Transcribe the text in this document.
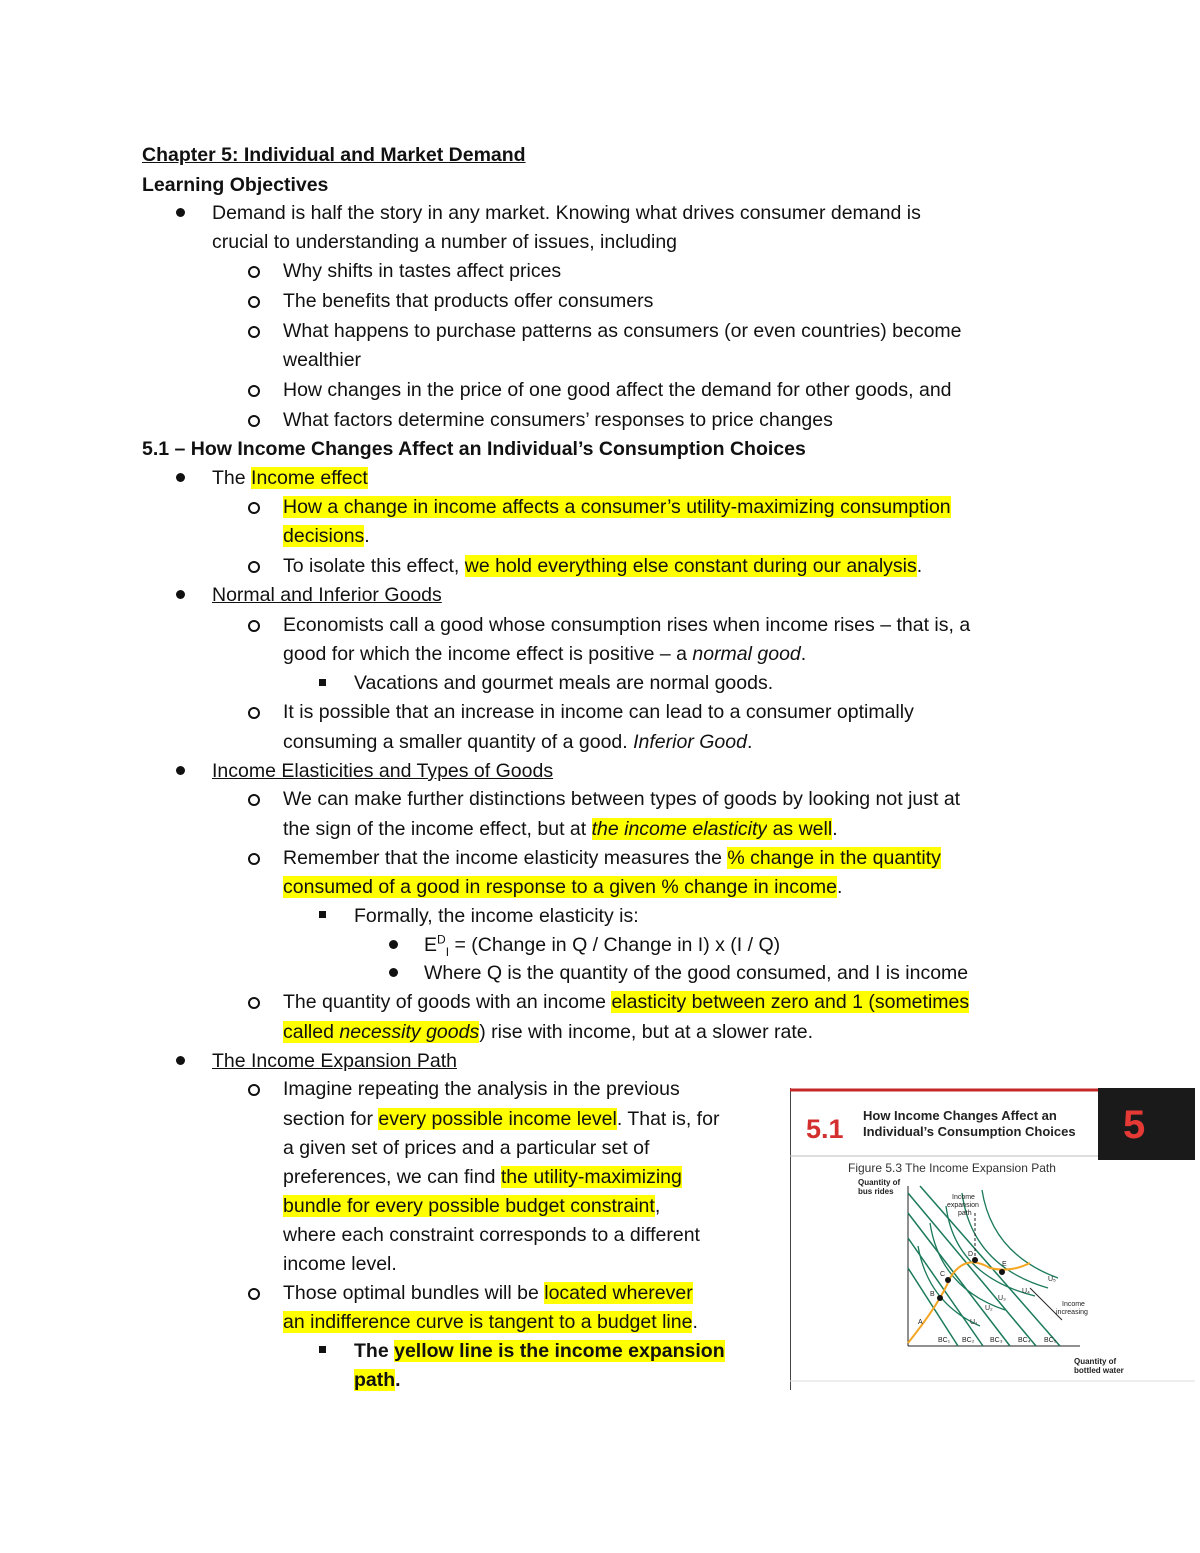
Chapter 5: Individual and Market Demand
Learning Objectives
Demand is half the story in any market. Knowing what drives consumer demand is
crucial to understanding a number of issues, including
Why shifts in tastes affect prices
The benefits that products offer consumers
What happens to purchase patterns as consumers (or even countries) become
wealthier
How changes in the price of one good affect the demand for other goods, and
What factors determine consumers’ responses to price changes
5.1 – How Income Changes Affect an Individual’s Consumption Choices
The Income effect
How a change in income affects a consumer’s utility-maximizing consumption
decisions.
To isolate this effect, we hold everything else constant during our analysis.
Normal and Inferior Goods
Economists call a good whose consumption rises when income rises – that is, a
good for which the income effect is positive – a normal good.
Vacations and gourmet meals are normal goods.
It is possible that an increase in income can lead to a consumer optimally
consuming a smaller quantity of a good. Inferior Good.
Income Elasticities and Types of Goods
We can make further distinctions between types of goods by looking not just at
the sign of the income effect, but at the income elasticity as well.
Remember that the income elasticity measures the % change in the quantity
consumed of a good in response to a given % change in income.
Formally, the income elasticity is:
$E^D_I$ = (Change in Q / Change in I) x (I / Q)
Where Q is the quantity of the good consumed, and I is income
The quantity of goods with an income elasticity between zero and 1 (sometimes
called necessity goods) rise with income, but at a slower rate.
The Income Expansion Path
Imagine repeating the analysis in the previous
section for every possible income level. That is, for
a given set of prices and a particular set of
preferences, we can find the utility-maximizing
bundle for every possible budget constraint,
where each constraint corresponds to a different
income level.
Those optimal bundles will be located wherever
an indifference curve is tangent to a budget line.
The yellow line is the income expansion
path.
5
5.1 How Income Changes Affect an
Individual’s Consumption Choices
Figure 5.3 The Income Expansion Path
Quantity of
bus rides
Quantity of
bottled water
Income
expansion
path
Income
increasing
A
B
C
D
E
BC₁ BC₂ BC₃ BC₄ BC₅
U₁
U₂
U₃
U₄
U₅
